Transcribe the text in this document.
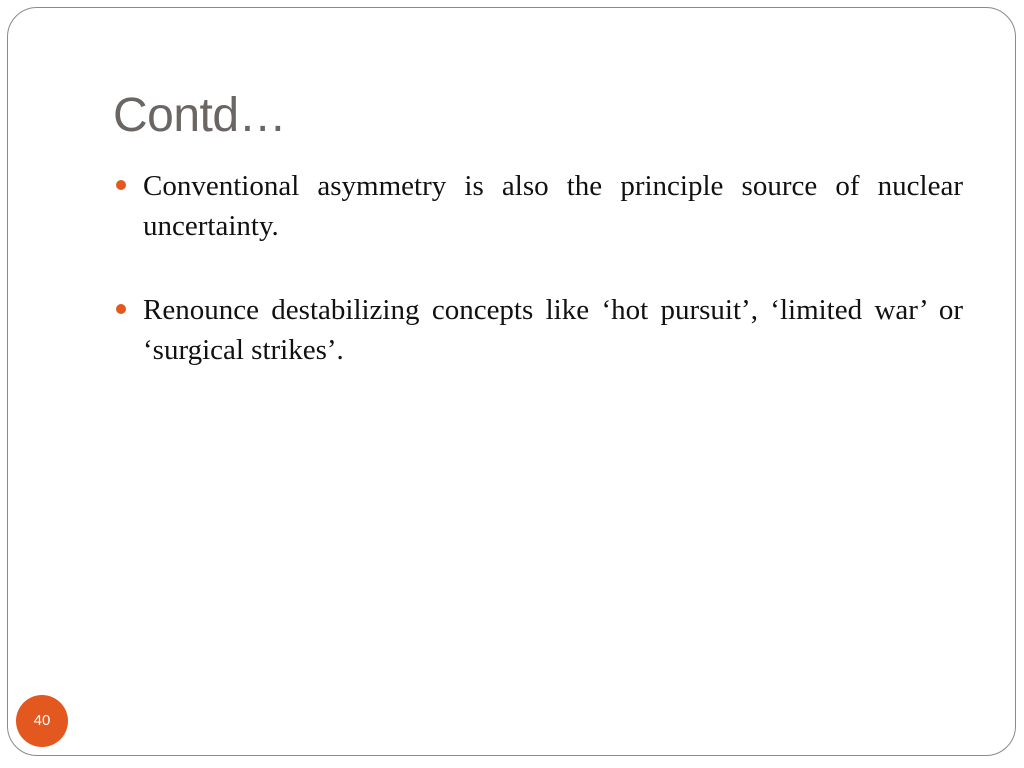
Contd…
Conventional asymmetry is also the principle source of nuclear uncertainty.
Renounce destabilizing concepts like ‘hot pursuit’, ‘limited war’ or ‘surgical strikes’.
40
